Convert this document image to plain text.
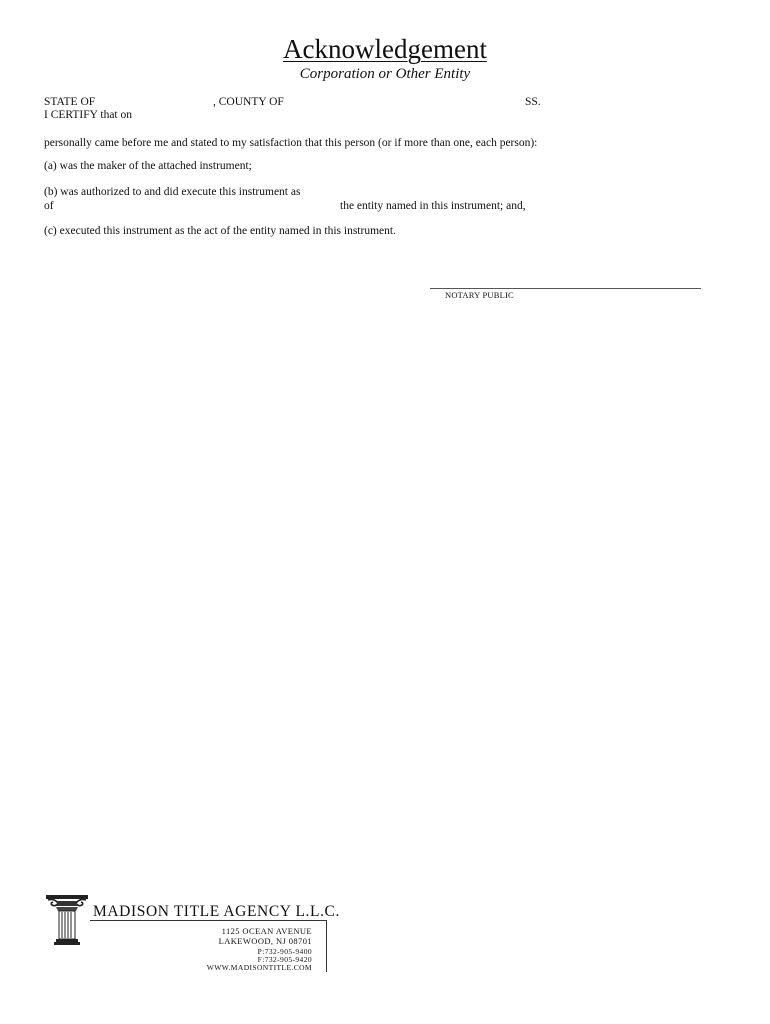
Acknowledgement
Corporation or Other Entity
STATE OF	, COUNTY OF	SS.
I CERTIFY that on
personally came before me and stated to my satisfaction that this person (or if more than one, each person):
(a) was the maker of the attached instrument;
(b) was authorized to and did execute this instrument as
of	the entity named in this instrument; and,
(c) executed this instrument as the act of the entity named in this instrument.
NOTARY PUBLIC
MADISON TITLE AGENCY L.L.C.
1125 OCEAN AVENUE
LAKEWOOD, NJ 08701
P:732-905-9400
F:732-905-9420
WWW.MADISONTITLE.COM
